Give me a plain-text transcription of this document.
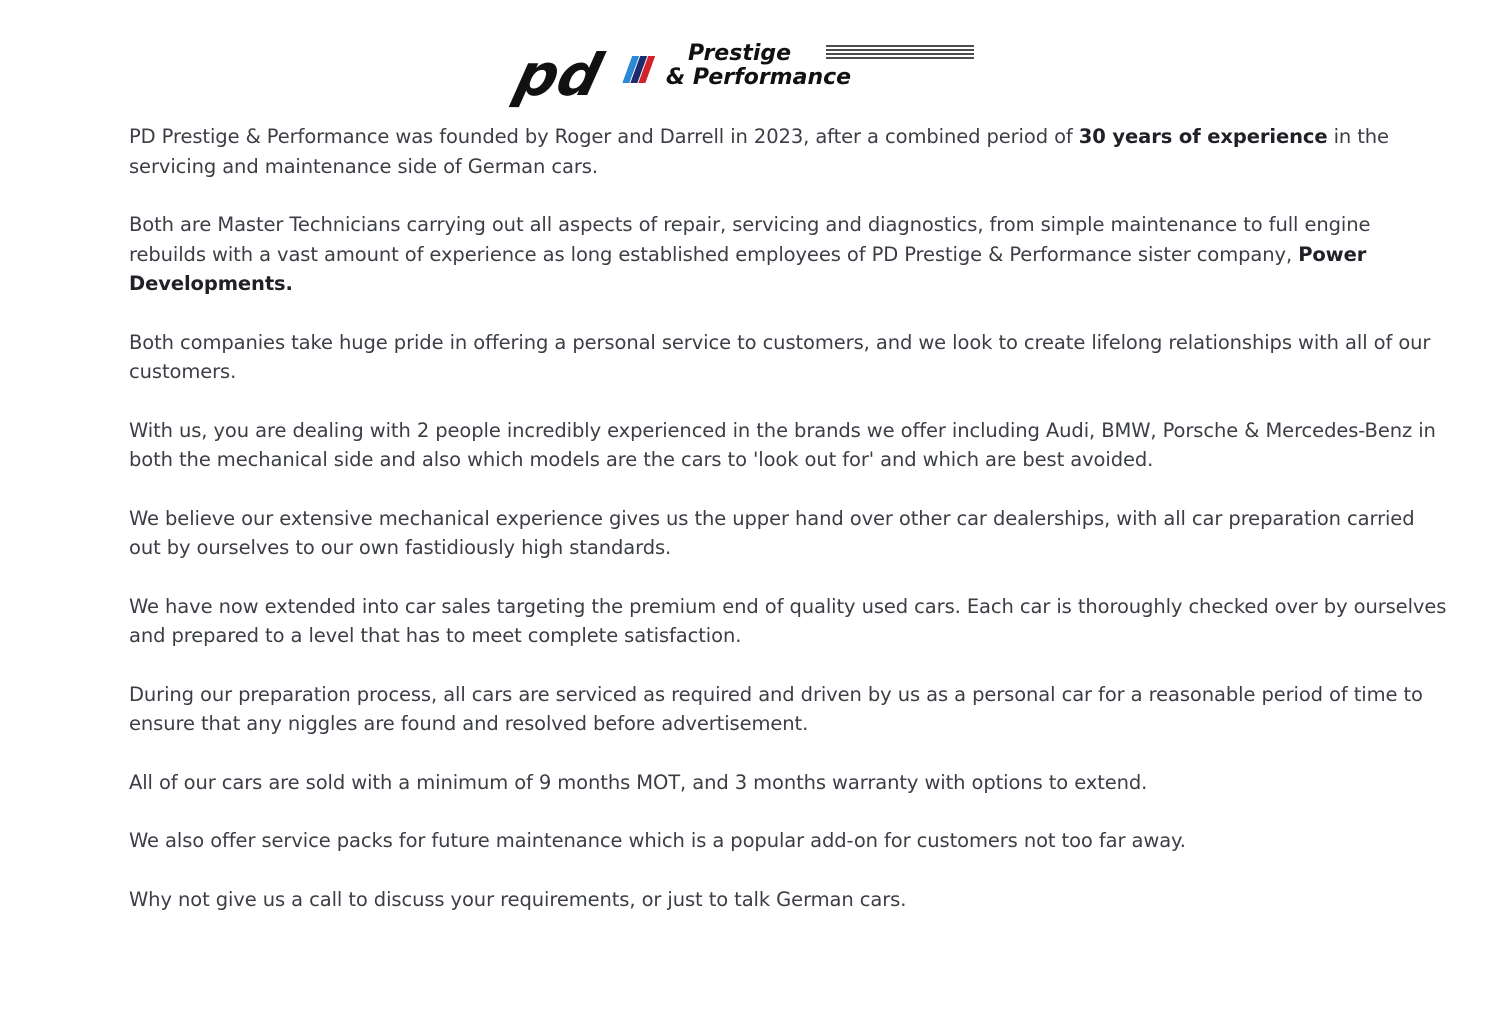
pd	Prestige
& Performance

PD Prestige & Performance was founded by Roger and Darrell in 2023, after a combined period of 30 years of experience in the servicing and maintenance side of German cars.

Both are Master Technicians carrying out all aspects of repair, servicing and diagnostics, from simple maintenance to full engine rebuilds with a vast amount of experience as long established employees of PD Prestige & Performance sister company, Power Developments.

Both companies take huge pride in offering a personal service to customers, and we look to create lifelong relationships with all of our customers.

With us, you are dealing with 2 people incredibly experienced in the brands we offer including Audi, BMW, Porsche & Mercedes-Benz in both the mechanical side and also which models are the cars to 'look out for' and which are best avoided.

We believe our extensive mechanical experience gives us the upper hand over other car dealerships, with all car preparation carried out by ourselves to our own fastidiously high standards.

We have now extended into car sales targeting the premium end of quality used cars. Each car is thoroughly checked over by ourselves and prepared to a level that has to meet complete satisfaction.

During our preparation process, all cars are serviced as required and driven by us as a personal car for a reasonable period of time to ensure that any niggles are found and resolved before advertisement.

All of our cars are sold with a minimum of 9 months MOT, and 3 months warranty with options to extend.

We also offer service packs for future maintenance which is a popular add-on for customers not too far away.

Why not give us a call to discuss your requirements, or just to talk German cars.
